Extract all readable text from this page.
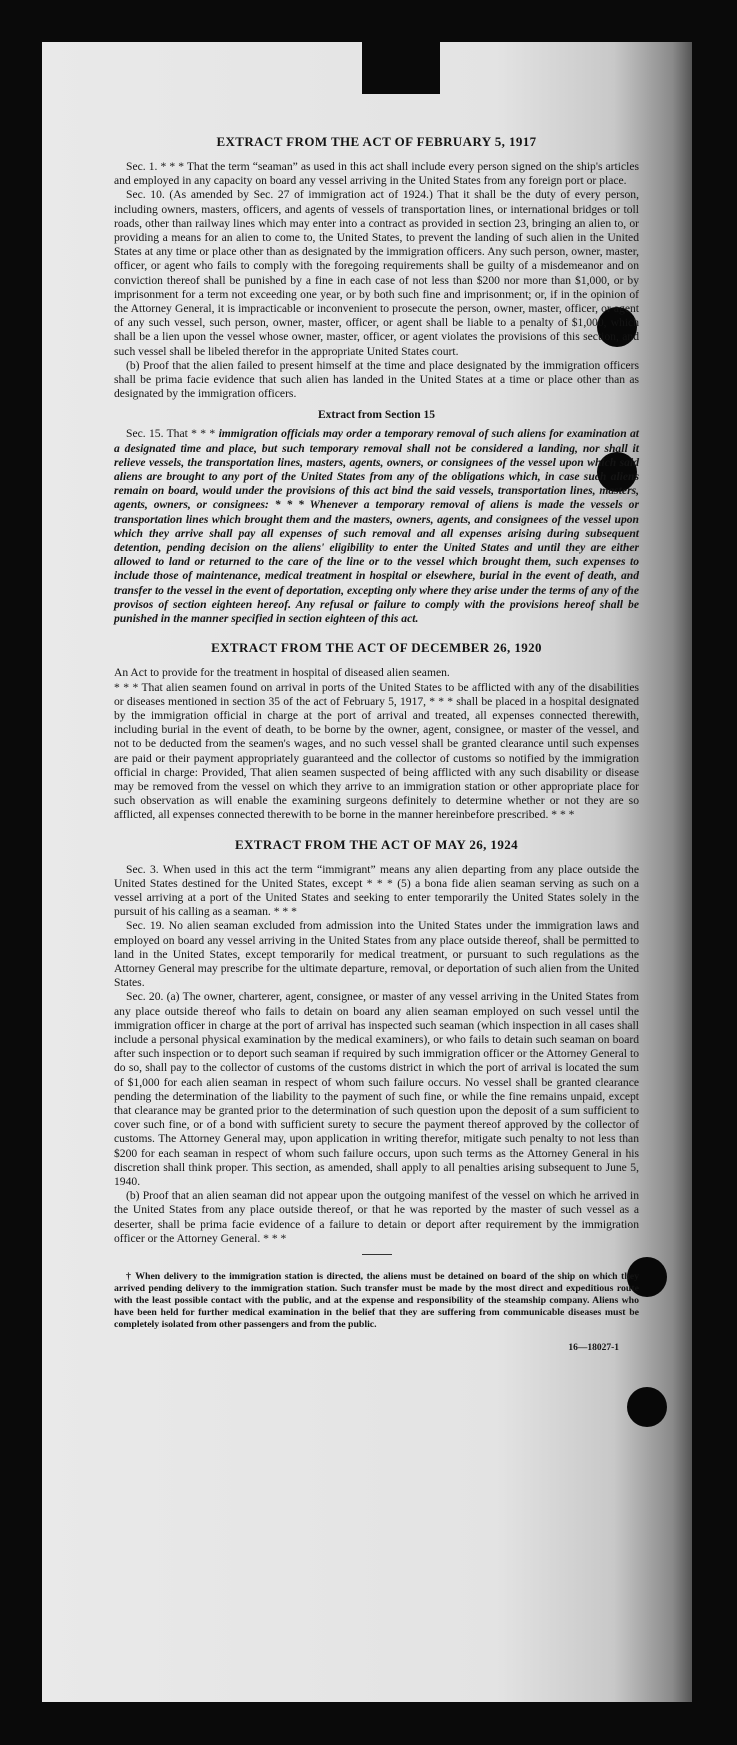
EXTRACT FROM THE ACT OF FEBRUARY 5, 1917

Sec. 1. * * * That the term “seaman” as used in this act shall include every person signed on the ship's articles and employed in any capacity on board any vessel arriving in the United States from any foreign port or place.

Sec. 10. (As amended by Sec. 27 of immigration act of 1924.) That it shall be the duty of every person, including owners, masters, officers, and agents of vessels of transportation lines, or international bridges or toll roads, other than railway lines which may enter into a contract as provided in section 23, bringing an alien to, or providing a means for an alien to come to, the United States, to prevent the landing of such alien in the United States at any time or place other than as designated by the immigration officers. Any such person, owner, master, officer, or agent who fails to comply with the foregoing requirements shall be guilty of a misdemeanor and on conviction thereof shall be punished by a fine in each case of not less than $200 nor more than $1,000, or by imprisonment for a term not exceeding one year, or by both such fine and imprisonment; or, if in the opinion of the Attorney General, it is impracticable or inconvenient to prosecute the person, owner, master, officer, or agent of any such vessel, such person, owner, master, officer, or agent shall be liable to a penalty of $1,000, which shall be a lien upon the vessel whose owner, master, officer, or agent violates the provisions of this section, and such vessel shall be libeled therefor in the appropriate United States court.

(b) Proof that the alien failed to present himself at the time and place designated by the immigration officers shall be prima facie evidence that such alien has landed in the United States at a time or place other than as designated by the immigration officers.

Extract from Section 15

Sec. 15. That * * * immigration officials may order a temporary removal of such aliens for examination at a designated time and place, but such temporary removal shall not be considered a landing, nor shall it relieve vessels, the transportation lines, masters, agents, owners, or consignees of the vessel upon which said aliens are brought to any port of the United States from any of the obligations which, in case such aliens remain on board, would under the provisions of this act bind the said vessels, transportation lines, masters, agents, owners, or consignees: * * * Whenever a temporary removal of aliens is made the vessels or transportation lines which brought them and the masters, owners, agents, and consignees of the vessel upon which they arrive shall pay all expenses of such removal and all expenses arising during subsequent detention, pending decision on the aliens' eligibility to enter the United States and until they are either allowed to land or returned to the care of the line or to the vessel which brought them, such expenses to include those of maintenance, medical treatment in hospital or elsewhere, burial in the event of death, and transfer to the vessel in the event of deportation, excepting only where they arise under the terms of any of the provisos of section eighteen hereof. Any refusal or failure to comply with the provisions hereof shall be punished in the manner specified in section eighteen of this act.

EXTRACT FROM THE ACT OF DECEMBER 26, 1920

An Act to provide for the treatment in hospital of diseased alien seamen.

* * * That alien seamen found on arrival in ports of the United States to be afflicted with any of the disabilities or diseases mentioned in section 35 of the act of February 5, 1917, * * * shall be placed in a hospital designated by the immigration official in charge at the port of arrival and treated, all expenses connected therewith, including burial in the event of death, to be borne by the owner, agent, consignee, or master of the vessel, and not to be deducted from the seamen's wages, and no such vessel shall be granted clearance until such expenses are paid or their payment appropriately guaranteed and the collector of customs so notified by the immigration official in charge: Provided, That alien seamen suspected of being afflicted with any such disability or disease may be removed from the vessel on which they arrive to an immigration station or other appropriate place for such observation as will enable the examining surgeons definitely to determine whether or not they are so afflicted, all expenses connected therewith to be borne in the manner hereinbefore prescribed. * * *

EXTRACT FROM THE ACT OF MAY 26, 1924

Sec. 3. When used in this act the term “immigrant” means any alien departing from any place outside the United States destined for the United States, except * * * (5) a bona fide alien seaman serving as such on a vessel arriving at a port of the United States and seeking to enter temporarily the United States solely in the pursuit of his calling as a seaman. * * *

Sec. 19. No alien seaman excluded from admission into the United States under the immigration laws and employed on board any vessel arriving in the United States from any place outside thereof, shall be permitted to land in the United States, except temporarily for medical treatment, or pursuant to such regulations as the Attorney General may prescribe for the ultimate departure, removal, or deportation of such alien from the United States.

Sec. 20. (a) The owner, charterer, agent, consignee, or master of any vessel arriving in the United States from any place outside thereof who fails to detain on board any alien seaman employed on such vessel until the immigration officer in charge at the port of arrival has inspected such seaman (which inspection in all cases shall include a personal physical examination by the medical examiners), or who fails to detain such seaman on board after such inspection or to deport such seaman if required by such immigration officer or the Attorney General to do so, shall pay to the collector of customs of the customs district in which the port of arrival is located the sum of $1,000 for each alien seaman in respect of whom such failure occurs. No vessel shall be granted clearance pending the determination of the liability to the payment of such fine, or while the fine remains unpaid, except that clearance may be granted prior to the determination of such question upon the deposit of a sum sufficient to cover such fine, or of a bond with sufficient surety to secure the payment thereof approved by the collector of customs. The Attorney General may, upon application in writing therefor, mitigate such penalty to not less than $200 for each seaman in respect of whom such failure occurs, upon such terms as the Attorney General in his discretion shall think proper. This section, as amended, shall apply to all penalties arising subsequent to June 5, 1940.

(b) Proof that an alien seaman did not appear upon the outgoing manifest of the vessel on which he arrived in the United States from any place outside thereof, or that he was reported by the master of such vessel as a deserter, shall be prima facie evidence of a failure to detain or deport after requirement by the immigration officer or the Attorney General. * * *

† When delivery to the immigration station is directed, the aliens must be detained on board of the ship on which they arrived pending delivery to the immigration station. Such transfer must be made by the most direct and expeditious route with the least possible contact with the public, and at the expense and responsibility of the steamship company. Aliens who have been held for further medical examination in the belief that they are suffering from communicable diseases must be completely isolated from other passengers and from the public.

16—18027-1
